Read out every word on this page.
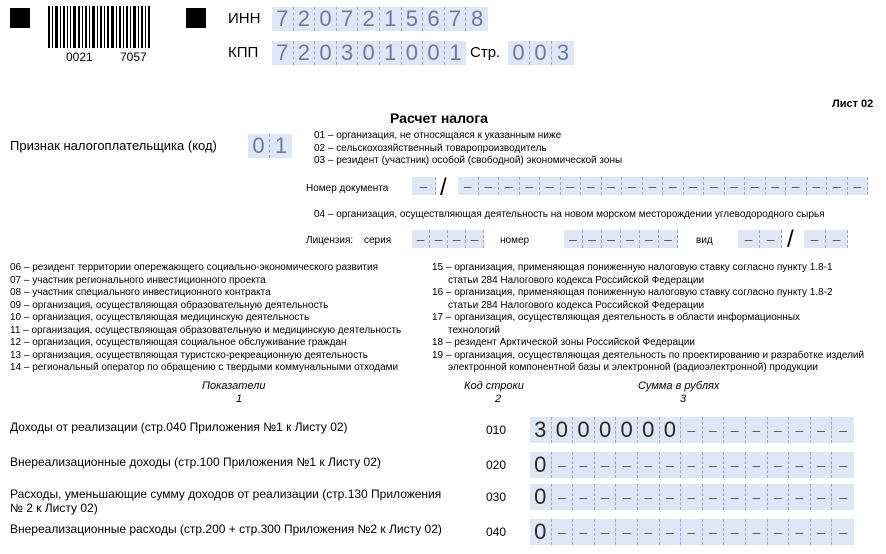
0021 7057
ИНН 7 2 0 7 2 1 5 6 7 8
КПП 7 2 0 3 0 1 0 0 1 Стр. 0 0 3
Лист 02
Расчет налога
Признак налогоплательщика (код) 0 1	01 – организация, не относящаяся к указанным ниже
02 – сельскохозяйственный товаропроизводитель
03 – резидент (участник) особой (свободной) экономической зоны
Номер документа	– /	– – – – – – – – – – – – – – – – – – – –
04 – организация, осуществляющая деятельность на новом морском месторождении углеводородного сырья
Лицензия: серия	– – – –	номер	– – – – – –	вид	–	– /	–	–
06 – резидент территории опережающего социально-экономического развития
07 – участник регионального инвестиционного проекта
08 – участник специального инвестиционного контракта
09 – организация, осуществляющая образовательную деятельность
10 – организация, осуществляющая медицинскую деятельность
11 – организация, осуществляющая образовательную и медицинскую деятельность
12 – организация, осуществляющая социальное обслуживание граждан
13 – организация, осуществляющая туристско-рекреационную деятельность
14 – региональный оператор по обращению с твердыми коммунальными отходами
15 – организация, применяющая пониженную налоговую ставку согласно пункту 1.8-1
статьи 284 Налогового кодекса Российской Федерации
16 – организация, применяющая пониженную налоговую ставку согласно пункту 1.8-2
статьи 284 Налогового кодекса Российской Федерации
17 – организация, осуществляющая деятельность в области информационных
технологий
18 – резидент Арктической зоны Российской Федерации
19 – организация, осуществляющая деятельность по проектированию и разработке изделий
электронной компонентной базы и электронной (радиоэлектронной) продукции
Показатели	Код строки	Сумма в рублях
1	2	3
Доходы от реализации (стр.040 Приложения №1 к Листу 02)	010 3 0 0 0 0 0 0 – – – – – – –	–
Внереализационные доходы (стр.100 Приложения №1 к Листу 02)	020 0 – – – – – – – – – – – – –	–
Расходы, уменьшающие сумму доходов от реализации (стр.130 Приложения
№ 2 к Листу 02)
030 0 – – – – – – – – – – – – –	–
Внереализационные расходы (стр.200 + стр.300 Приложения №2 к Листу 02)	040 0 – – – – – – – – – – – – –	–
